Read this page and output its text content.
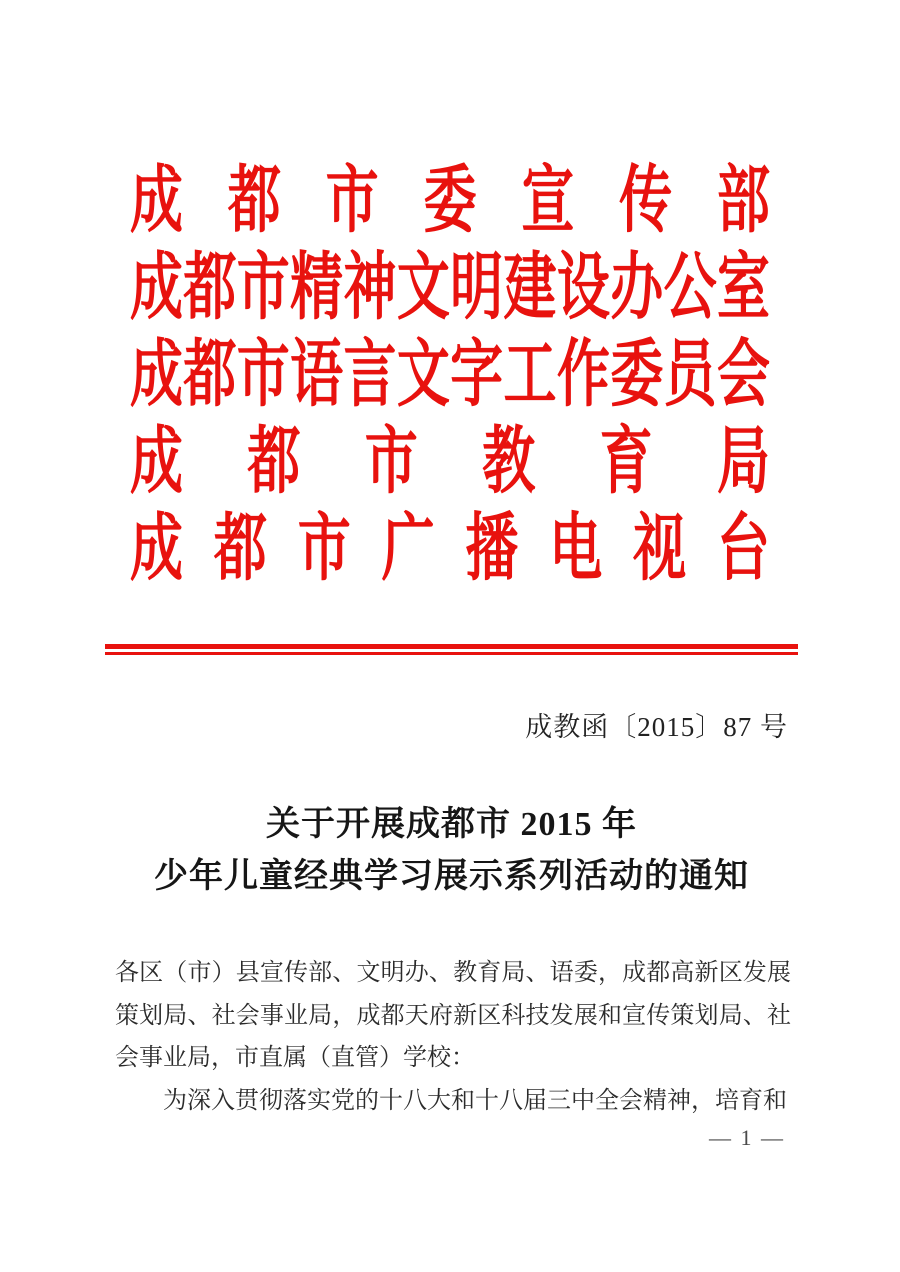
成都市委宣传部
成都市精神文明建设办公室
成都市语言文字工作委员会
成都市教育局
成都市广播电视台
成教函〔2015〕87 号
关于开展成都市 2015 年
少年儿童经典学习展示系列活动的通知
各区（市）县宣传部、文明办、教育局、语委，成都高新区发展
策划局、社会事业局，成都天府新区科技发展和宣传策划局、社
会事业局，市直属（直管）学校：
为深入贯彻落实党的十八大和十八届三中全会精神，培育和
— 1 —
